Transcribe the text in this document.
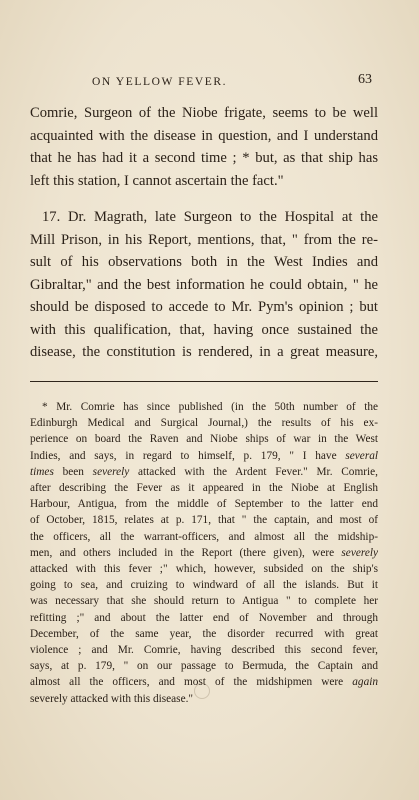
ON YELLOW FEVER.	63

Comrie, Surgeon of the Niobe frigate, seems to be well
acquainted with the disease in question, and I understand
that he has had it a second time ; * but, as that ship has
left this station, I cannot ascertain the fact."

17. Dr. Magrath, late Surgeon to the Hospital at the
Mill Prison, in his Report, mentions, that, " from the re-
sult of his observations both in the West Indies and
Gibraltar," and the best information he could obtain, " he
should be disposed to accede to Mr. Pym's opinion ; but
with this qualification, that, having once sustained the
disease, the constitution is rendered, in a great measure,

* Mr. Comrie has since published (in the 50th number of the
Edinburgh Medical and Surgical Journal,) the results of his ex-
perience on board the Raven and Niobe ships of war in the West
Indies, and says, in regard to himself, p. 179, " I have several
times been severely attacked with the Ardent Fever." Mr. Comrie,
after describing the Fever as it appeared in the Niobe at English
Harbour, Antigua, from the middle of September to the latter end
of October, 1815, relates at p. 171, that " the captain, and most of
the officers, all the warrant-officers, and almost all the midship-
men, and others included in the Report (there given), were severely
attacked with this fever ;" which, however, subsided on the ship's
going to sea, and cruizing to windward of all the islands. But it
was necessary that she should return to Antigua " to complete her
refitting ;" and about the latter end of November and through
December, of the same year, the disorder recurred with great
violence ; and Mr. Comrie, having described this second fever,
says, at p. 179, " on our passage to Bermuda, the Captain and
almost all the officers, and most of the midshipmen were again
severely attacked with this disease."
